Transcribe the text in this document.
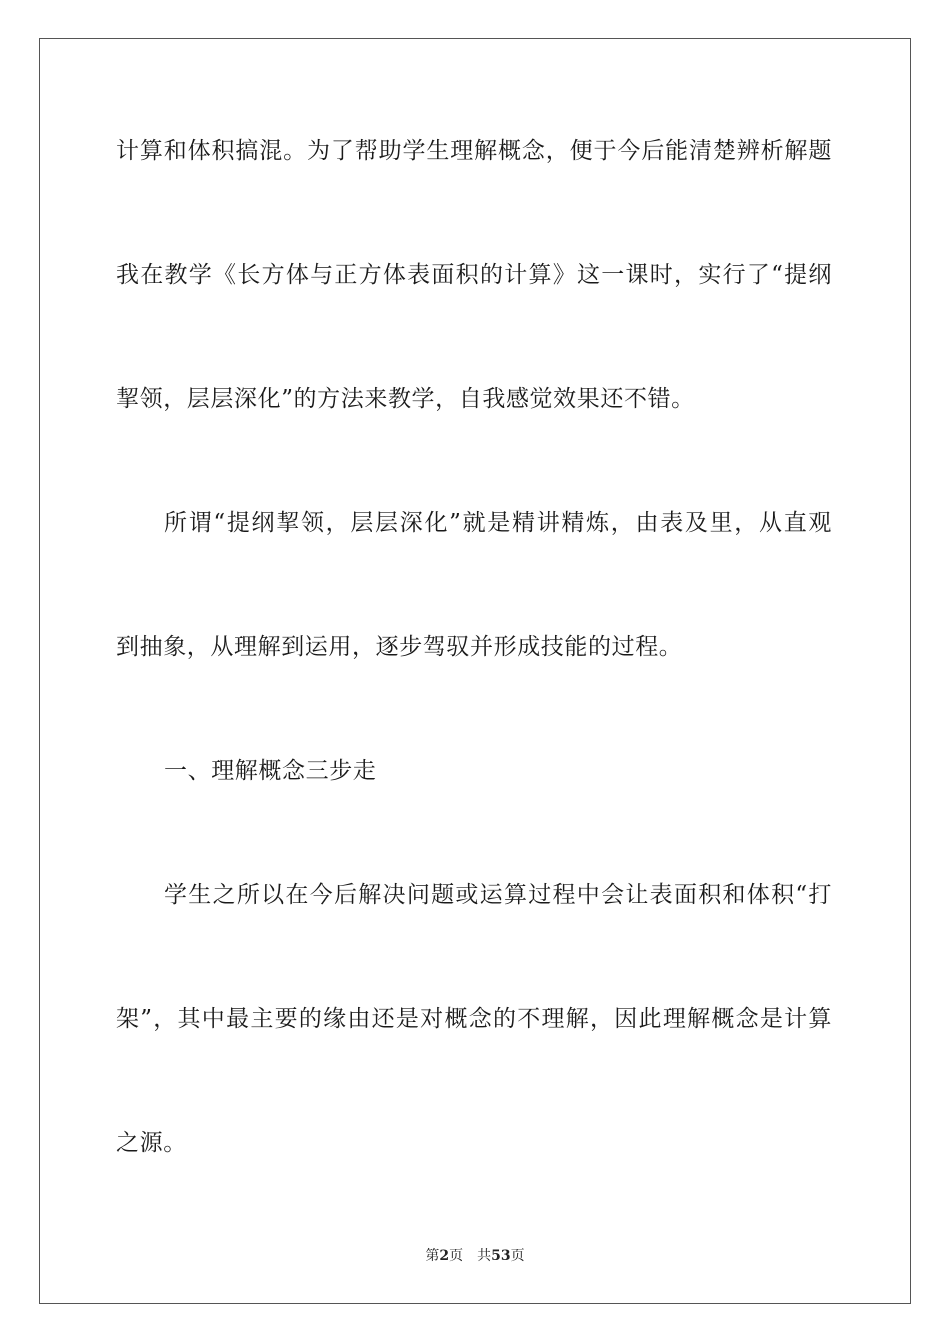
计算和体积搞混。为了帮助学生理解概念，便于今后能清楚辨析解题
我在教学《长方体与正方体表面积的计算》这一课时，实行了“提纲
挈领，层层深化”的方法来教学，自我感觉效果还不错。
所谓“提纲挈领，层层深化”就是精讲精炼，由表及里，从直观
到抽象，从理解到运用，逐步驾驭并形成技能的过程。
一、理解概念三步走
学生之所以在今后解决问题或运算过程中会让表面积和体积“打
架”，其中最主要的缘由还是对概念的不理解，因此理解概念是计算
之源。
第2页 共53页
